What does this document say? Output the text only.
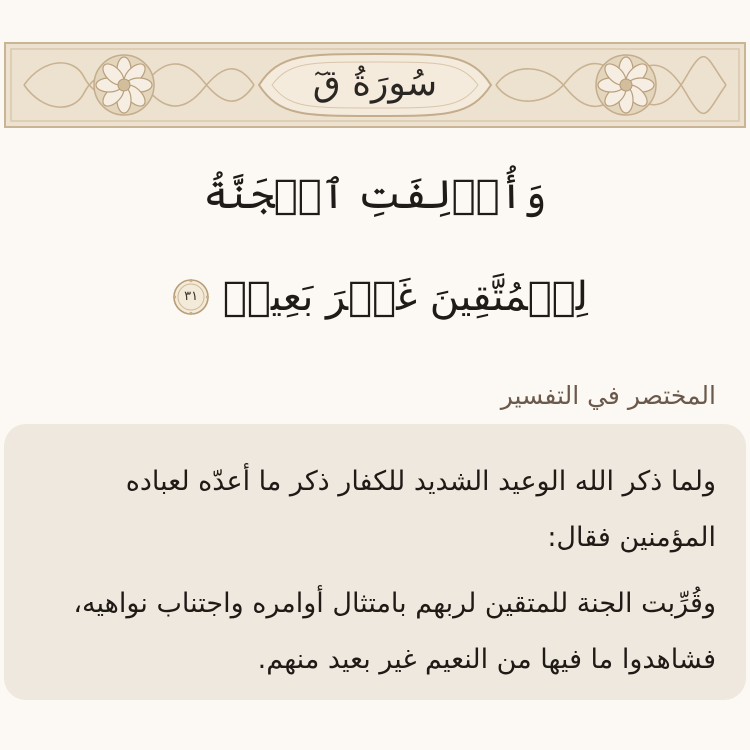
سُورَةُ قٓ
وَأُزۡلِفَتِ ٱلۡجَنَّةُ
لِلۡمُتَّقِينَ غَيۡرَ بَعِيدٖ
٣١
المختصر في التفسير
ولما ذكر الله الوعيد الشديد للكفار ذكر ما أعدّه لعباده المؤمنين فقال:
وقُرِّبت الجنة للمتقين لربهم بامتثال أوامره واجتناب نواهيه، فشاهدوا ما فيها من النعيم غير بعيد منهم.
